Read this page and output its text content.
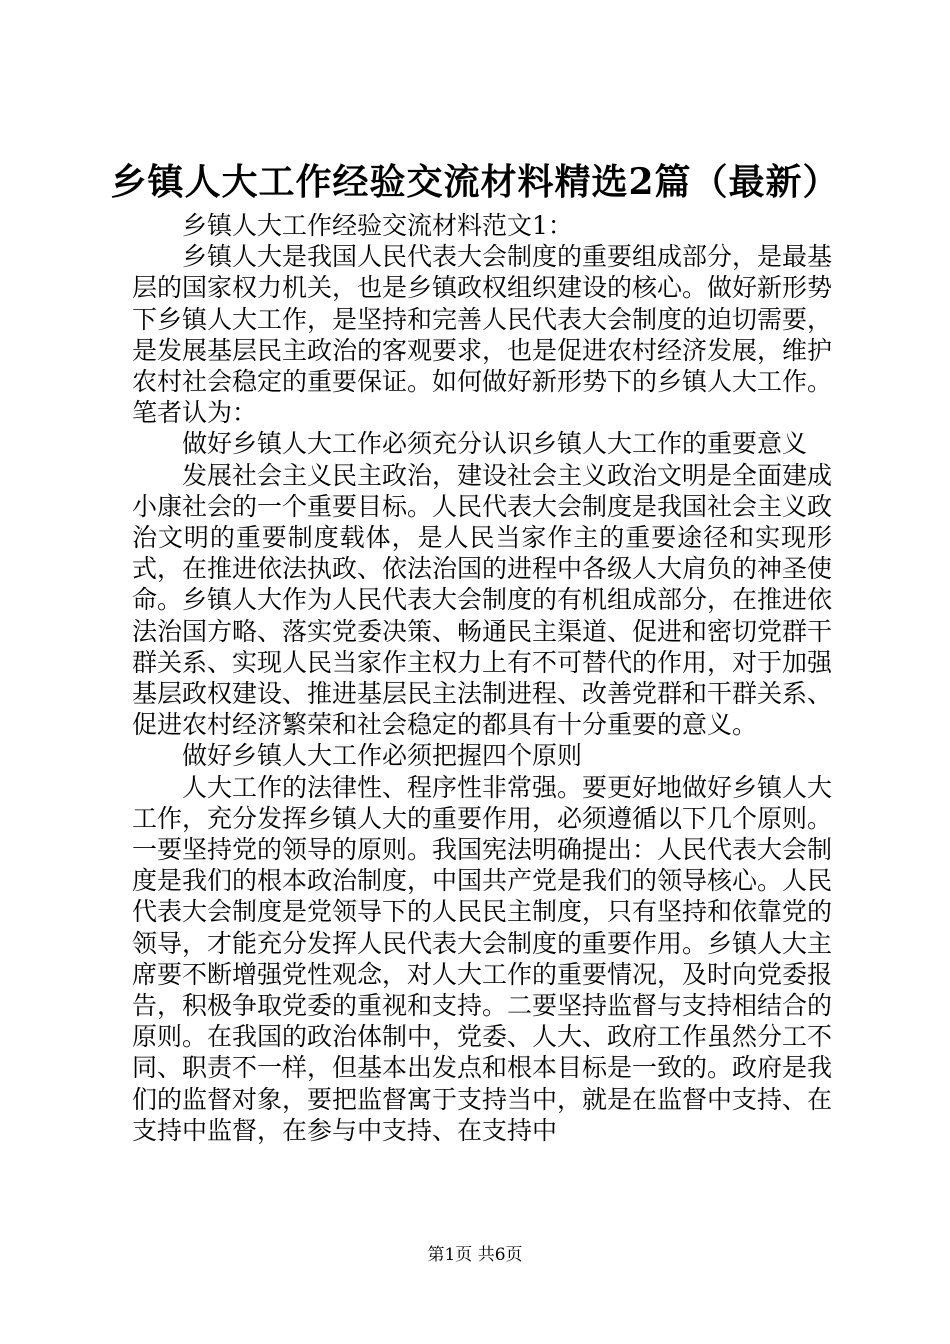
乡镇人大工作经验交流材料精选2篇（最新）

乡镇人大工作经验交流材料范文1：

乡镇人大是我国人民代表大会制度的重要组成部分，是最基层的国家权力机关，也是乡镇政权组织建设的核心。做好新形势下乡镇人大工作，是坚持和完善人民代表大会制度的迫切需要，是发展基层民主政治的客观要求，也是促进农村经济发展，维护农村社会稳定的重要保证。如何做好新形势下的乡镇人大工作。笔者认为：

做好乡镇人大工作必须充分认识乡镇人大工作的重要意义

发展社会主义民主政治，建设社会主义政治文明是全面建成小康社会的一个重要目标。人民代表大会制度是我国社会主义政治文明的重要制度载体，是人民当家作主的重要途径和实现形式，在推进依法执政、依法治国的进程中各级人大肩负的神圣使命。乡镇人大作为人民代表大会制度的有机组成部分，在推进依法治国方略、落实党委决策、畅通民主渠道、促进和密切党群干群关系、实现人民当家作主权力上有不可替代的作用，对于加强基层政权建设、推进基层民主法制进程、改善党群和干群关系、促进农村经济繁荣和社会稳定的都具有十分重要的意义。

做好乡镇人大工作必须把握四个原则

人大工作的法律性、程序性非常强。要更好地做好乡镇人大工作，充分发挥乡镇人大的重要作用，必须遵循以下几个原则。一要坚持党的领导的原则。我国宪法明确提出：人民代表大会制度是我们的根本政治制度，中国共产党是我们的领导核心。人民代表大会制度是党领导下的人民民主制度，只有坚持和依靠党的领导，才能充分发挥人民代表大会制度的重要作用。乡镇人大主席要不断增强党性观念，对人大工作的重要情况，及时向党委报告，积极争取党委的重视和支持。二要坚持监督与支持相结合的原则。在我国的政治体制中，党委、人大、政府工作虽然分工不同、职责不一样，但基本出发点和根本目标是一致的。政府是我们的监督对象，要把监督寓于支持当中，就是在监督中支持、在支持中监督，在参与中支持、在支持中

第1页 共6页
